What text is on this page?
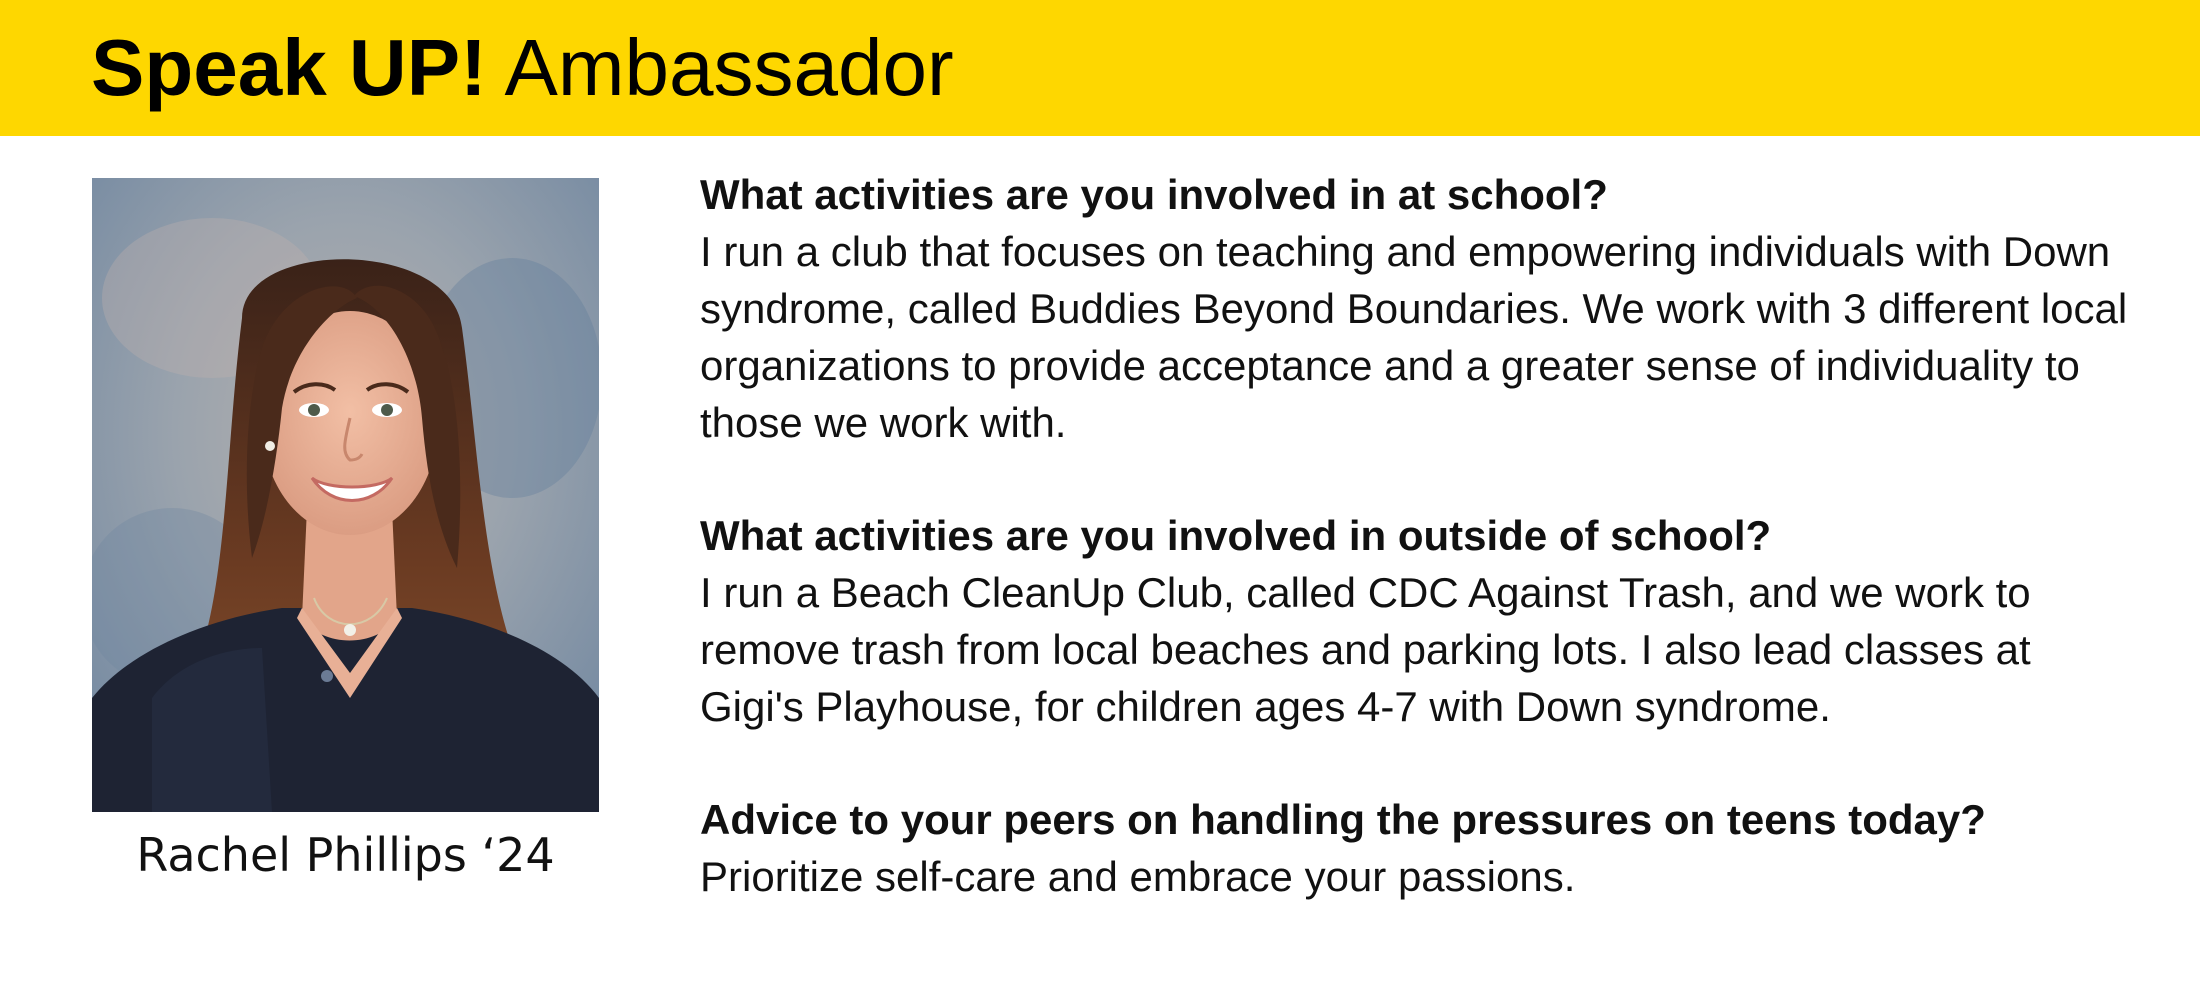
Speak UP! Ambassador
Rachel Phillips ‘24
What activities are you involved in at school?
I run a club that focuses on teaching and empowering individuals with Down syndrome, called Buddies Beyond Boundaries. We work with 3 different local organizations to provide acceptance and a greater sense of individuality to those we work with.
What activities are you involved in outside of school?
I run a Beach CleanUp Club, called CDC Against Trash, and we work to remove trash from local beaches and parking lots. I also lead classes at Gigi's Playhouse, for children ages 4-7 with Down syndrome.
Advice to your peers on handling the pressures on teens today?
Prioritize self-care and embrace your passions.
